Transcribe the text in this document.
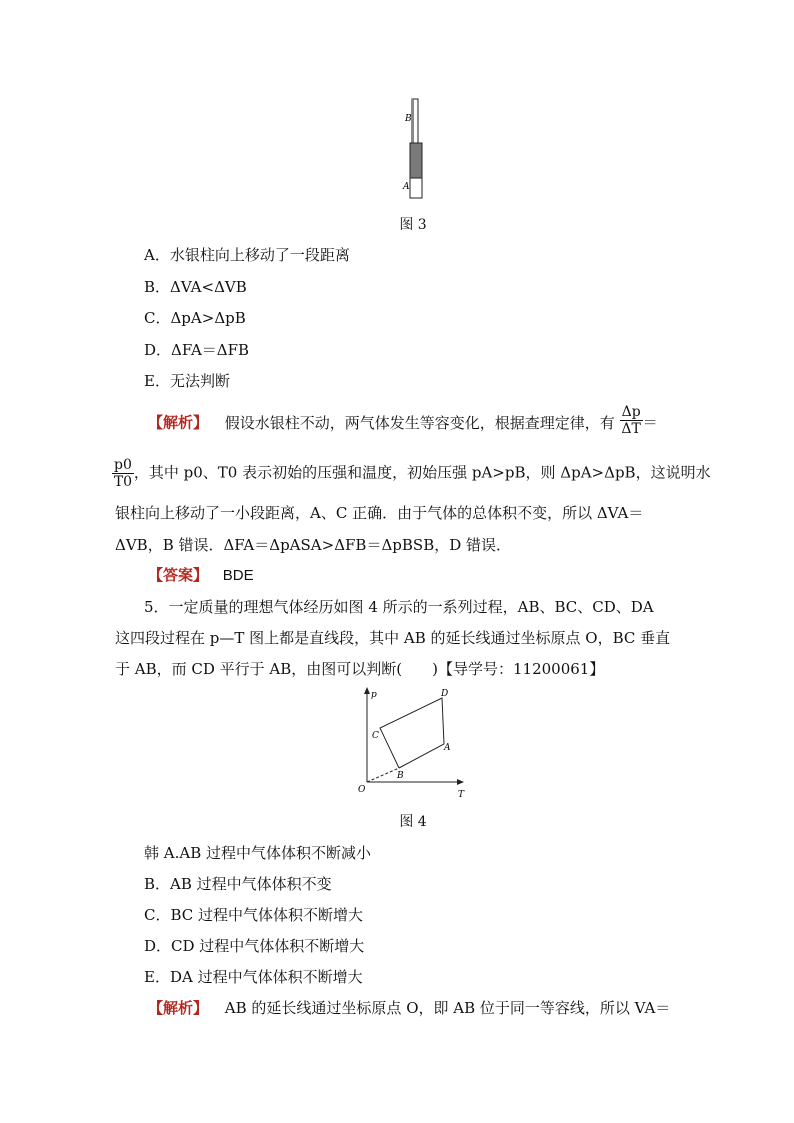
B
A
图 3
A．水银柱向上移动了一段距离
B．ΔVA<ΔVB
C．ΔpA>ΔpB
D．ΔFA＝ΔFB
E．无法判断
【解析】 假设水银柱不动，两气体发生等容变化，根据查理定律，有 $\frac{\Delta p}{\Delta T}$ ＝
$\frac{p0}{T0}$ ，其中 p0、T0 表示初始的压强和温度，初始压强 pA>pB，则 ΔpA>ΔpB，这说明水
银柱向上移动了一小段距离，A、C 正确．由于气体的总体积不变，所以 ΔVA＝
ΔVB，B 错误．ΔFA＝ΔpASA>ΔFB＝ΔpBSB，D 错误．
【答案】 BDE
5．一定质量的理想气体经历如图 4 所示的一系列过程，AB、BC、CD、DA
这四段过程在 p—T 图上都是直线段，其中 AB 的延长线通过坐标原点 O，BC 垂直
于 AB，而 CD 平行于 AB，由图可以判断(　　)【导学号：11200061】
p
T
O
A
B
C
D
图 4
韩 A.AB 过程中气体体积不断减小
B．AB 过程中气体体积不变
C．BC 过程中气体体积不断增大
D．CD 过程中气体体积不断增大
E．DA 过程中气体体积不断增大
【解析】 AB 的延长线通过坐标原点 O，即 AB 位于同一等容线，所以 VA＝
